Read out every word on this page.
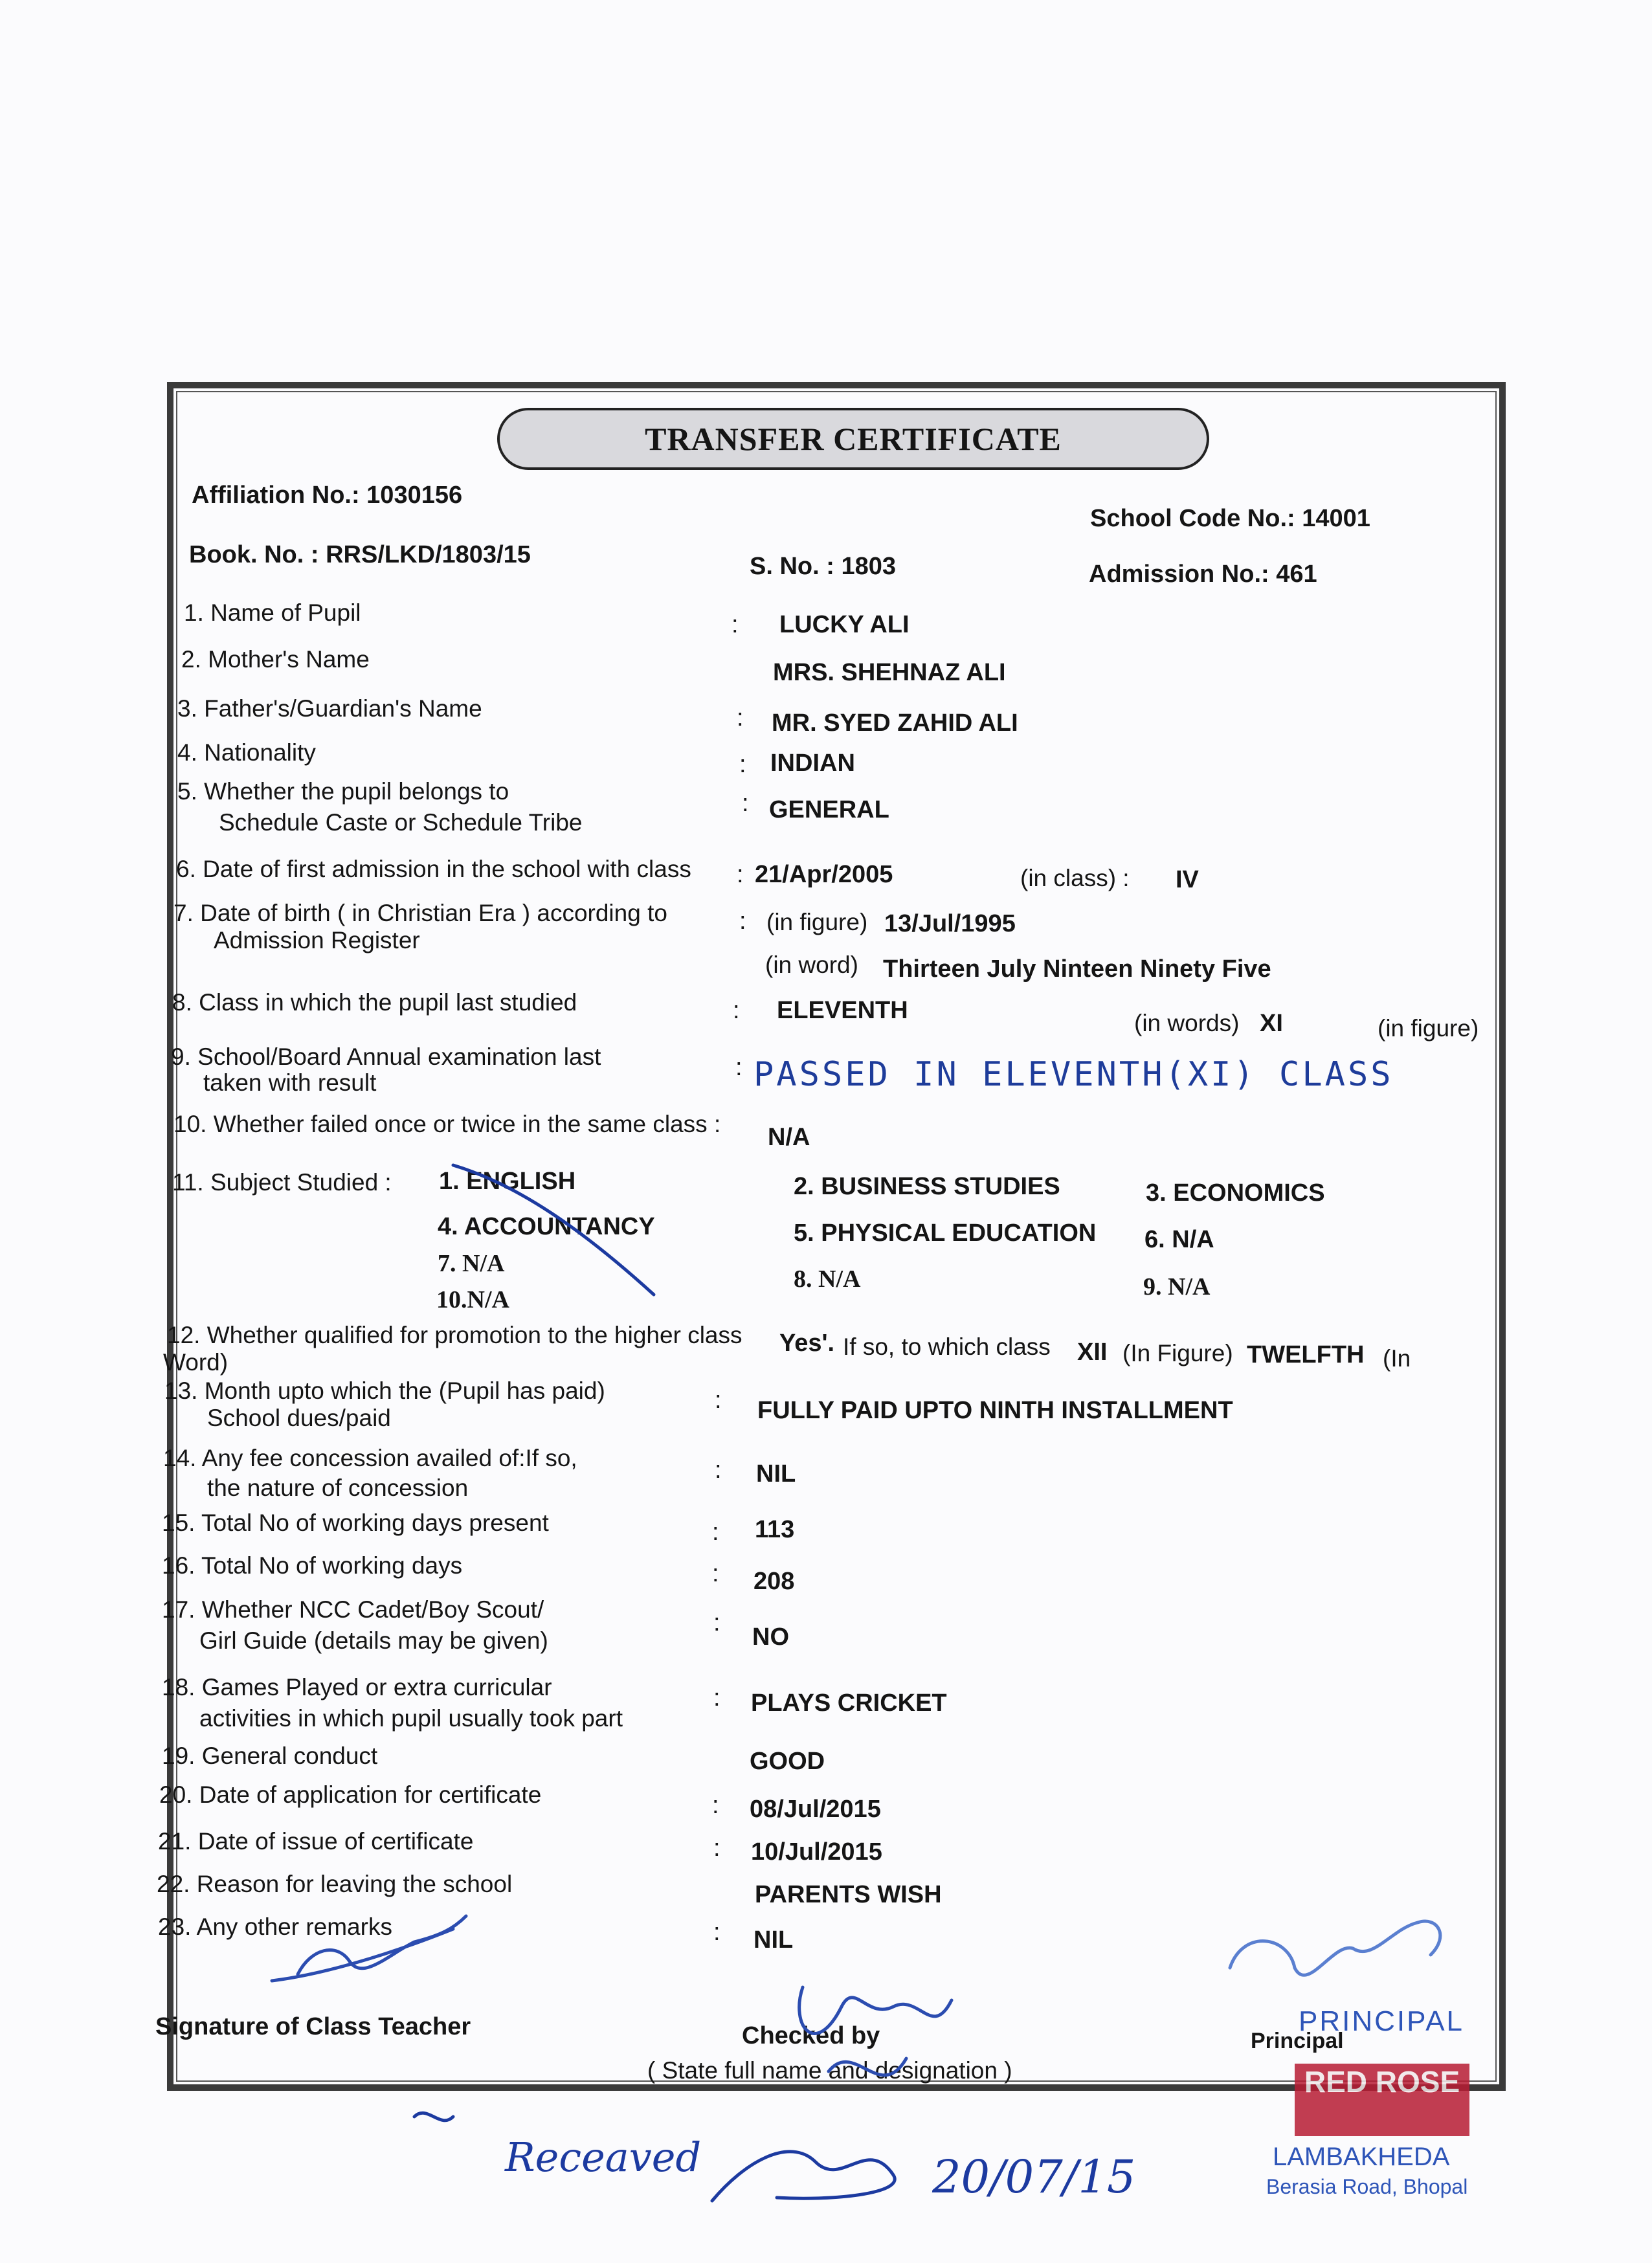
TRANSFER CERTIFICATE
Affiliation No.: 1030156
School Code No.: 14001
Book. No. : RRS/LKD/1803/15	S. No. : 1803	Admission No.: 461
1. Name of Pupil	: LUCKY ALI
2. Mother's Name	MRS. SHEHNAZ ALI
3. Father's/Guardian's Name	: MR. SYED ZAHID ALI
4. Nationality	: INDIAN
5. Whether the pupil belongs to
Schedule Caste or Schedule Tribe
: GENERAL
6. Date of first admission in the school with class : 21/Apr/2005	(in class) : IV
7. Date of birth ( in Christian Era ) according to
Admission Register
: (in figure) 13/Jul/1995
(in word) Thirteen July Ninteen Ninety Five
8. Class in which the pupil last studied	: ELEVENTH	(in words) XI	(in figure)
9. School/Board Annual examination last
taken with result
: PASSED IN ELEVENTH(XI) CLASS
10. Whether failed once or twice in the same class : N/A
11. Subject Studied : 1. ENGLISH	2. BUSINESS STUDIES	3. ECONOMICS
4. ACCOUNTANCY	5. PHYSICAL EDUCATION 6. N/A
7. N/A
8. N/A	9. N/A
10.N/A
12. Whether qualified for promotion to the higher class Yes'. If so, to which class XII (In Figure) TWELFTH (In
Word)
13. Month upto which the (Pupil has paid)
School dues/paid
: FULLY PAID UPTO NINTH INSTALLMENT
14. Any fee concession availed of:If so,
the nature of concession
: NIL
15. Total No of working days present	: 113
16. Total No of working days	: 208
17. Whether NCC Cadet/Boy Scout/
Girl Guide (details may be given)
:
NO
18. Games Played or extra curricular
activities in which pupil usually took part
: PLAYS CRICKET
19. General conduct	GOOD
20. Date of application for certificate	: 08/Jul/2015
21. Date of issue of certificate	: 10/Jul/2015
22. Reason for leaving the school	PARENTS WISH
23. Any other remarks	: NIL
Signature of Class Teacher	Checked by
( State full name and designation )
Principal
Receaved	20/07/15
PRINCIPAL
RED ROSE
LAMBAKHEDA
Berasia Road, Bhopal
